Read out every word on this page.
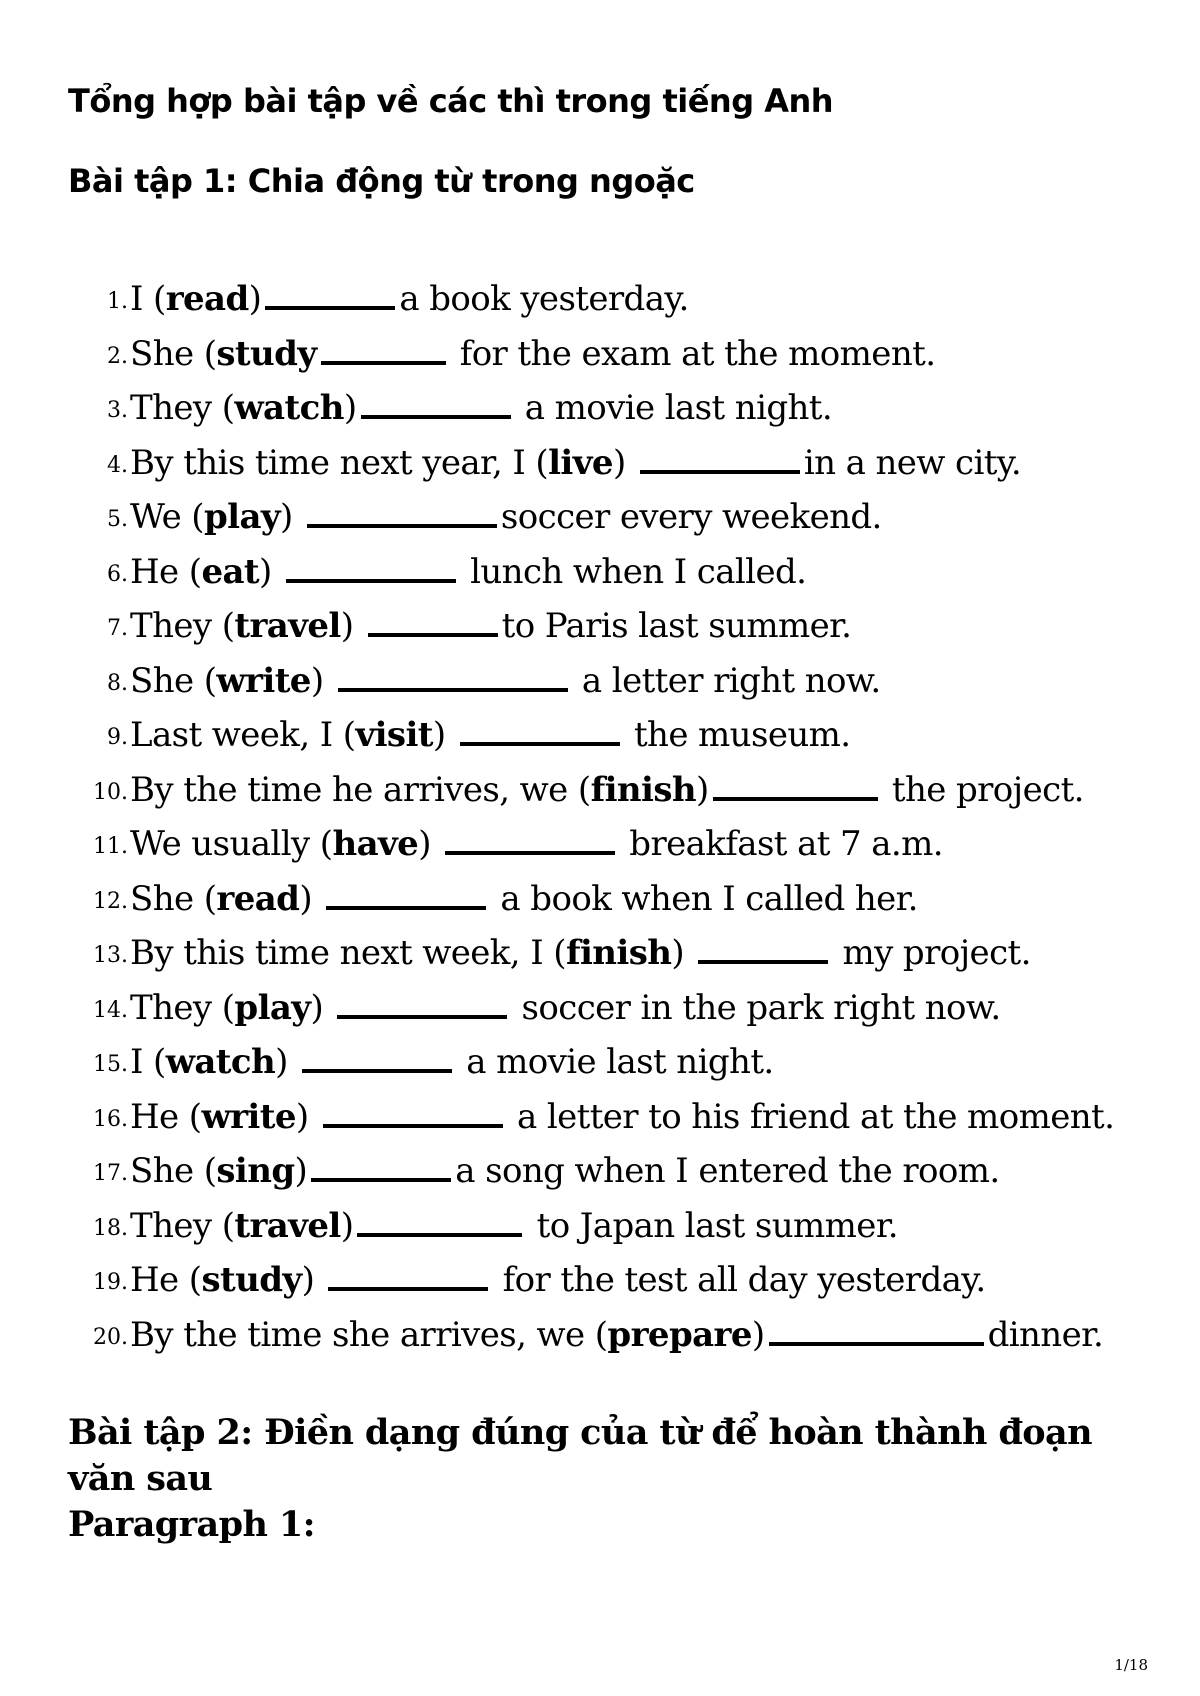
Tổng hợp bài tập về các thì trong tiếng Anh
Bài tập 1: Chia động từ trong ngoặc
1. I (read)	a book yesterday.
2. She (study	for the exam at the moment.
3. They (watch)	a movie last night.
4. By this time next year, I (live)	in a new city.
5. We (play)	soccer every weekend.
6. He (eat)	lunch when I called.
7. They (travel)	to Paris last summer.
8. She (write)	a letter right now.
9. Last week, I (visit)	the museum.
10. By the time he arrives, we (finish)	the project.
11. We usually (have)	breakfast at 7 a.m.
12. She (read)	a book when I called her.
13. By this time next week, I (finish)	my project.
14. They (play)	soccer in the park right now.
15. I (watch)	a movie last night.
16. He (write)	a letter to his friend at the moment.
17. She (sing)	a song when I entered the room.
18. They (travel)	to Japan last summer.
19. He (study)	for the test all day yesterday.
20. By the time she arrives, we (prepare)	dinner.
Bài tập 2: Điền dạng đúng của từ để hoàn thành đoạn văn sau
Paragraph 1:
1/18
